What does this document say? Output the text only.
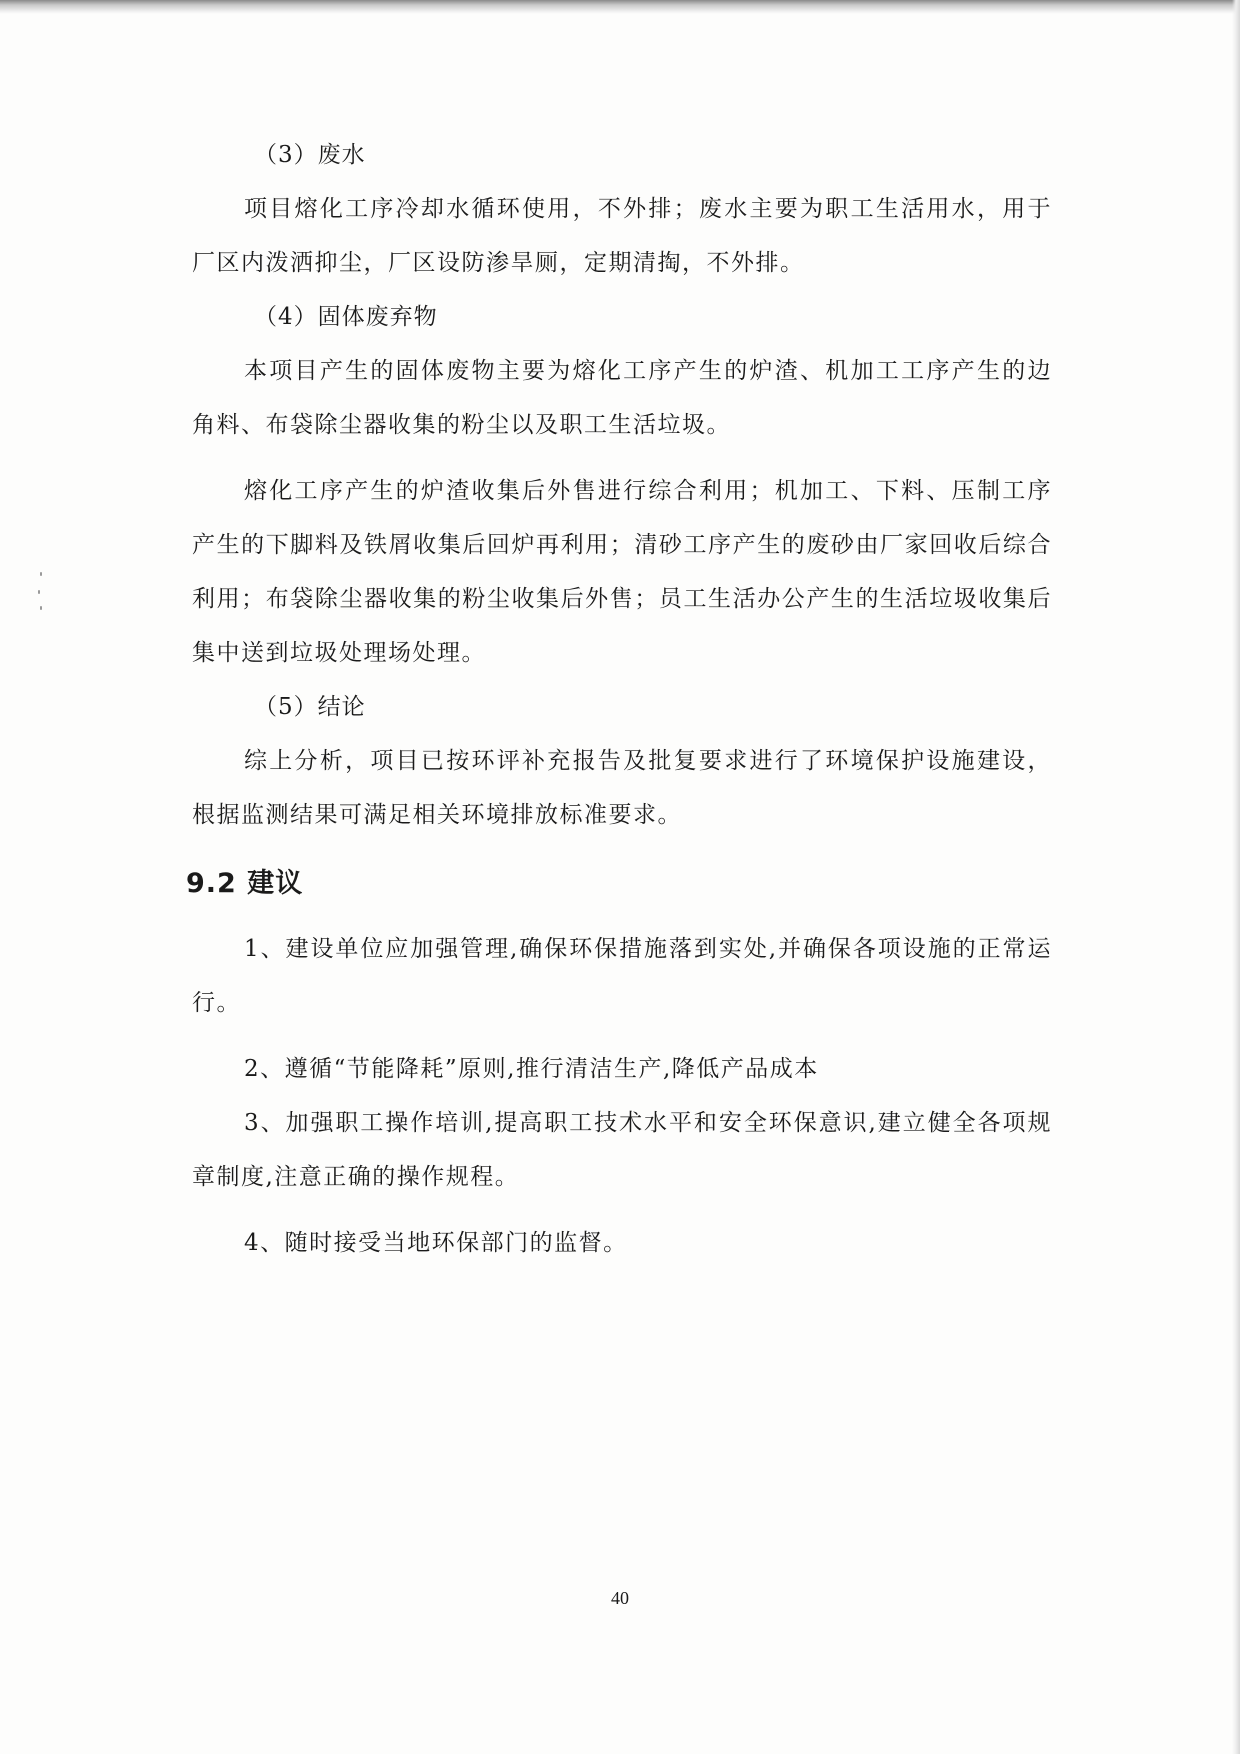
（3）废水

项目熔化工序冷却水循环使用，不外排；废水主要为职工生活用水，用于厂区内泼洒抑尘，厂区设防渗旱厕，定期清掏，不外排。

（4）固体废弃物

本项目产生的固体废物主要为熔化工序产生的炉渣、机加工工序产生的边角料、布袋除尘器收集的粉尘以及职工生活垃圾。

熔化工序产生的炉渣收集后外售进行综合利用；机加工、下料、压制工序产生的下脚料及铁屑收集后回炉再利用；清砂工序产生的废砂由厂家回收后综合利用；布袋除尘器收集的粉尘收集后外售；员工生活办公产生的生活垃圾收集后集中送到垃圾处理场处理。

（5）结论

综上分析，项目已按环评补充报告及批复要求进行了环境保护设施建设，根据监测结果可满足相关环境排放标准要求。

9.2 建议

1、建设单位应加强管理,确保环保措施落到实处,并确保各项设施的正常运行。

2、遵循“节能降耗”原则,推行清洁生产,降低产品成本

3、加强职工操作培训,提高职工技术水平和安全环保意识,建立健全各项规章制度,注意正确的操作规程。

4、随时接受当地环保部门的监督。

40
